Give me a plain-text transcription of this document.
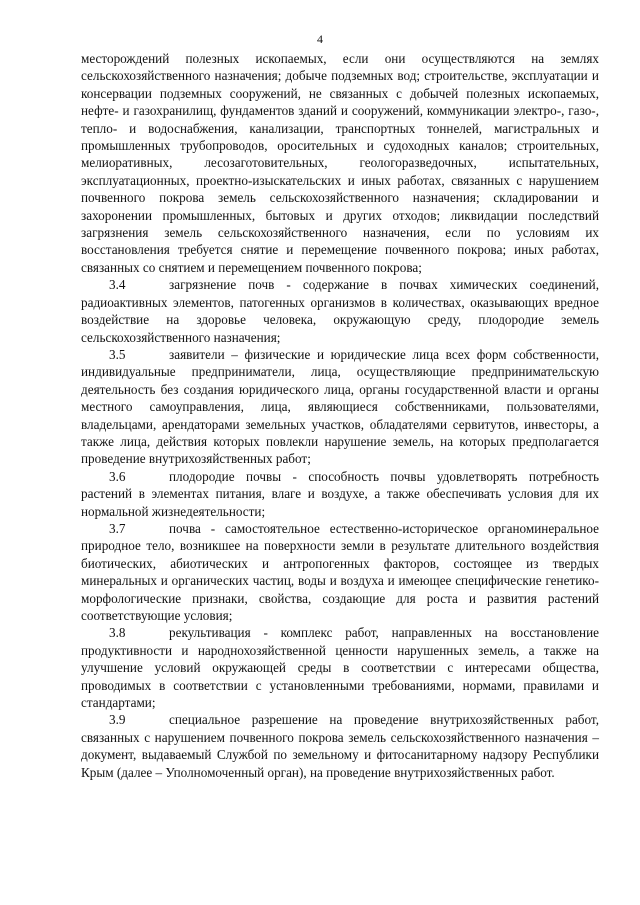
4

месторождений полезных ископаемых, если они осуществляются на землях сельскохозяйственного назначения; добыче подземных вод; строительстве, эксплуатации и консервации подземных сооружений, не связанных с добычей полезных ископаемых, нефте- и газохранилищ, фундаментов зданий и сооружений, коммуникации электро-, газо-, тепло- и водоснабжения, канализации, транспортных тоннелей, магистральных и промышленных трубопроводов, оросительных и судоходных каналов; строительных, мелиоративных, лесозаготовительных, геологоразведочных, испытательных, эксплуатационных, проектно-изыскательских и иных работах, связанных с нарушением почвенного покрова земель сельскохозяйственного назначения; складировании и захоронении промышленных, бытовых и других отходов; ликвидации последствий загрязнения земель сельскохозяйственного назначения, если по условиям их восстановления требуется снятие и перемещение почвенного покрова; иных работах, связанных со снятием и перемещением почвенного покрова;

3.4	загрязнение почв - содержание в почвах химических соединений, радиоактивных элементов, патогенных организмов в количествах, оказывающих вредное воздействие на здоровье человека, окружающую среду, плодородие земель сельскохозяйственного назначения;

3.5	заявители – физические и юридические лица всех форм собственности, индивидуальные предприниматели, лица, осуществляющие предпринимательскую деятельность без создания юридического лица, органы государственной власти и органы местного самоуправления, лица, являющиеся собственниками, пользователями, владельцами, арендаторами земельных участков, обладателями сервитутов, инвесторы, а также лица, действия которых повлекли нарушение земель, на которых предполагается проведение внутрихозяйственных работ;

3.6	плодородие почвы - способность почвы удовлетворять потребность растений в элементах питания, влаге и воздухе, а также обеспечивать условия для их нормальной жизнедеятельности;

3.7	почва - самостоятельное естественно-историческое органоминеральное природное тело, возникшее на поверхности земли в результате длительного воздействия биотических, абиотических и антропогенных факторов, состоящее из твердых минеральных и органических частиц, воды и воздуха и имеющее специфические генетико-морфологические признаки, свойства, создающие для роста и развития растений соответствующие условия;

3.8	рекультивация - комплекс работ, направленных на восстановление продуктивности и народнохозяйственной ценности нарушенных земель, а также на улучшение условий окружающей среды в соответствии с интересами общества, проводимых в соответствии с установленными требованиями, нормами, правилами и стандартами;

3.9	специальное разрешение на проведение внутрихозяйственных работ, связанных с нарушением почвенного покрова земель сельскохозяйственного назначения – документ, выдаваемый Службой по земельному и фитосанитарному надзору Республики Крым (далее – Уполномоченный орган), на проведение внутрихозяйственных работ.
